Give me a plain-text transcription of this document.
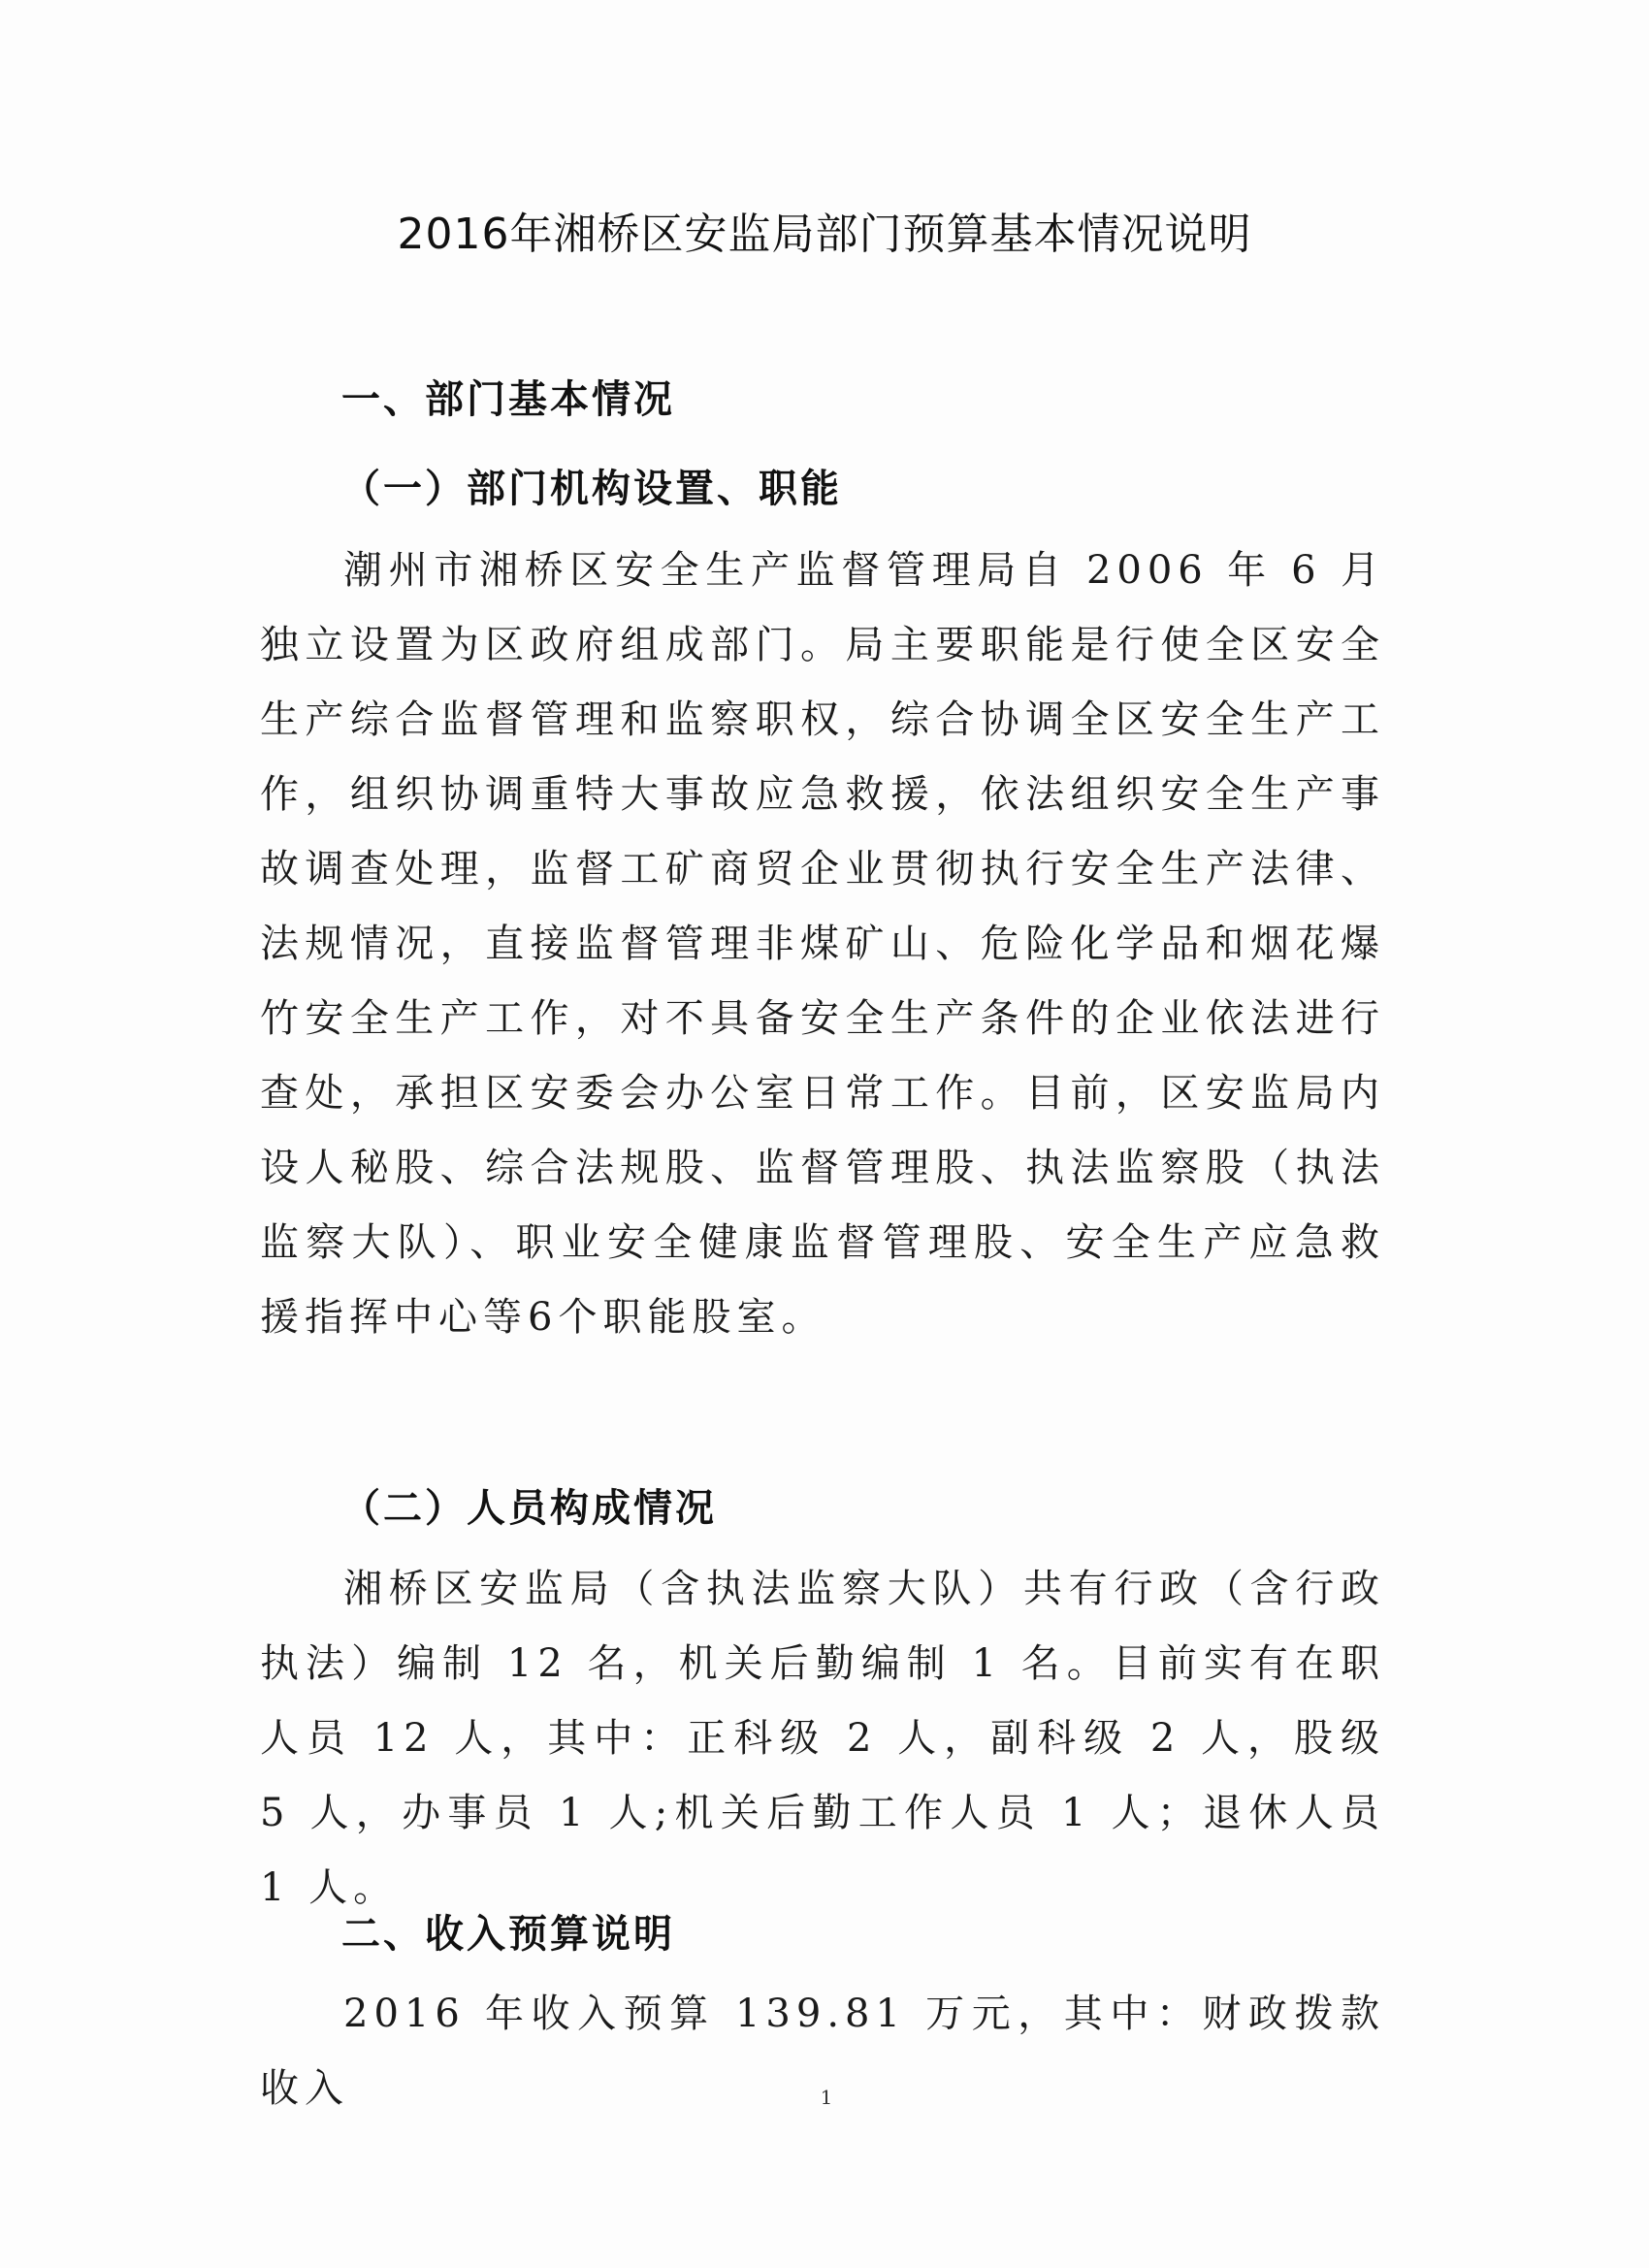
2016年湘桥区安监局部门预算基本情况说明
一、部门基本情况
（一）部门机构设置、职能
潮州市湘桥区安全生产监督管理局自 2006 年 6 月独立设置为区政府组成部门。局主要职能是行使全区安全生产综合监督管理和监察职权，综合协调全区安全生产工作，组织协调重特大事故应急救援，依法组织安全生产事故调查处理，监督工矿商贸企业贯彻执行安全生产法律、法规情况，直接监督管理非煤矿山、危险化学品和烟花爆竹安全生产工作，对不具备安全生产条件的企业依法进行查处，承担区安委会办公室日常工作。目前，区安监局内设人秘股、综合法规股、监督管理股、执法监察股（执法监察大队）、职业安全健康监督管理股、安全生产应急救援指挥中心等6个职能股室。
（二）人员构成情况
湘桥区安监局（含执法监察大队）共有行政（含行政执法）编制 12 名，机关后勤编制 1 名。目前实有在职人员 12 人，其中：正科级 2 人，副科级 2 人，股级 5 人，办事员 1 人;机关后勤工作人员 1 人；退休人员 1 人。
二、收入预算说明
2016 年收入预算 139.81 万元，其中：财政拨款收入	1
